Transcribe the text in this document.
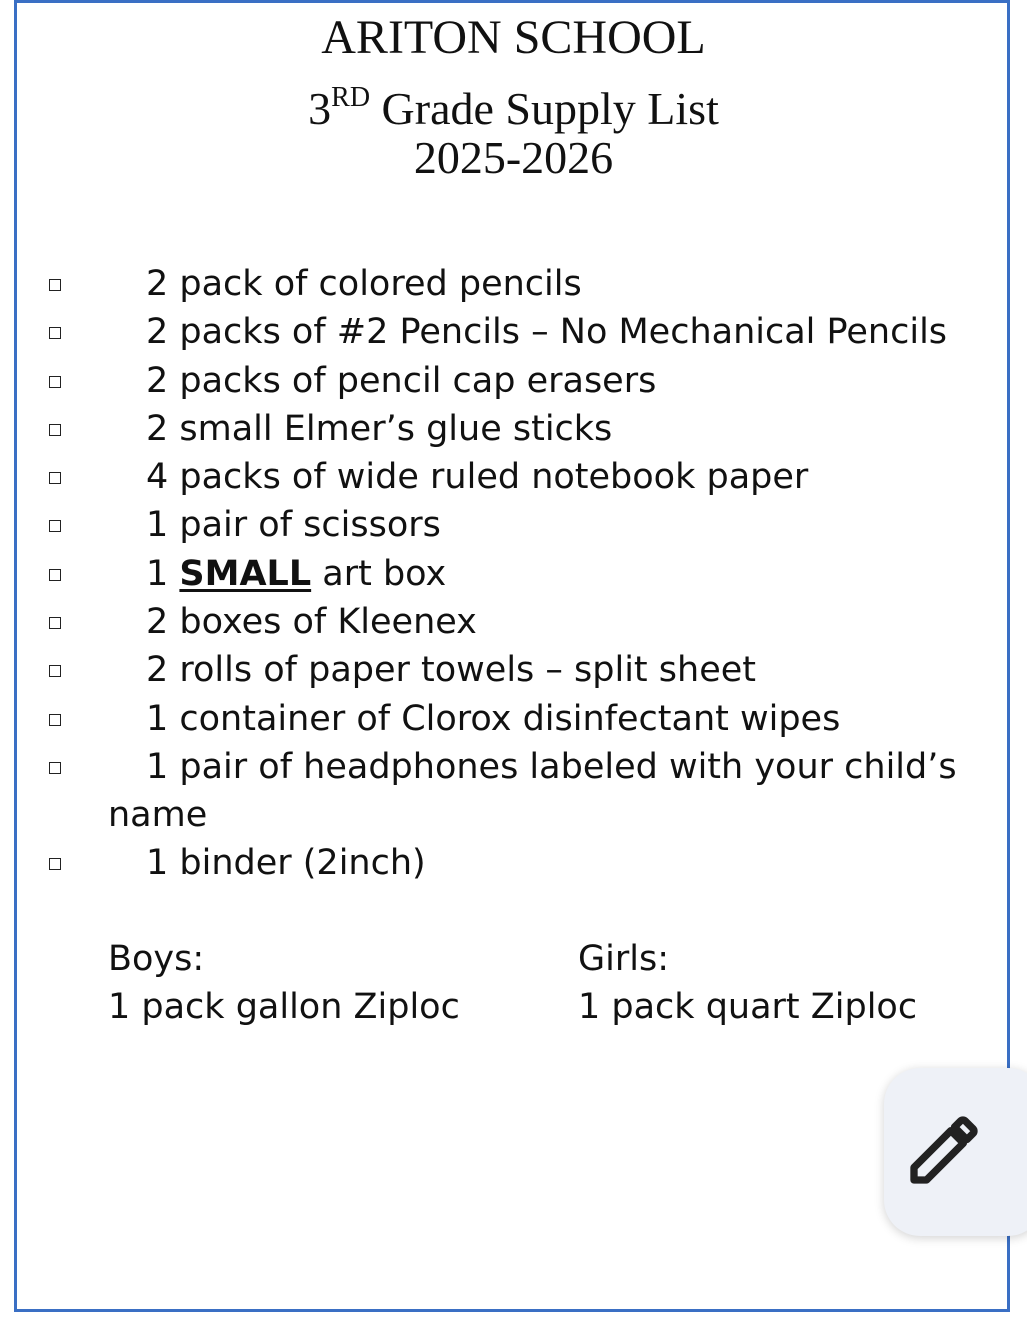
ARITON SCHOOL
3RD Grade Supply List
2025-2026
2 pack of colored pencils
2 packs of #2 Pencils – No Mechanical Pencils
2 packs of pencil cap erasers
2 small Elmer’s glue sticks
4 packs of wide ruled notebook paper
1 pair of scissors
1 SMALL art box
2 boxes of Kleenex
2 rolls of paper towels – split sheet
1 container of Clorox disinfectant wipes
1 pair of headphones labeled with your child’s
name
1 binder (2inch)
Boys:
1 pack gallon Ziploc
Girls:
1 pack quart Ziploc
